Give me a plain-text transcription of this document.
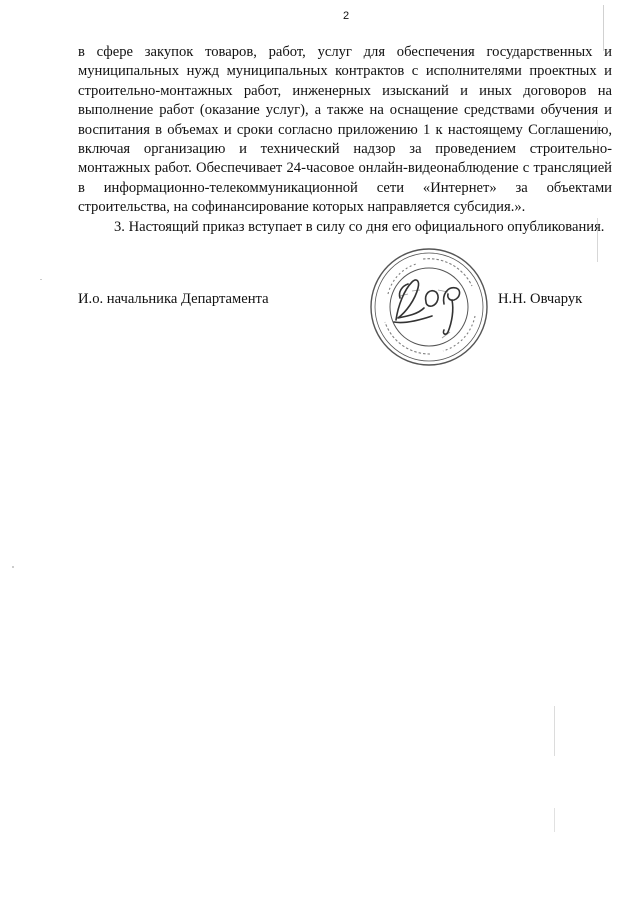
2

в сфере закупок товаров, работ, услуг для обеспечения государственных и муниципальных нужд муниципальных контрактов с исполнителями проектных и строительно-монтажных работ, инженерных изысканий и иных договоров на выполнение работ (оказание услуг), а также на оснащение средствами обучения и воспитания в объемах и сроки согласно приложению 1 к настоящему Соглашению, включая организацию и технический надзор за проведением строительно-монтажных работ. Обеспечивает 24-часовое онлайн-видеонаблюдение с трансляцией в информационно-телекоммуникационной сети «Интернет» за объектами строительства, на софинансирование которых направляется субсидия.».

3. Настоящий приказ вступает в силу со дня его официального опубликования.

И.о. начальника Департамента	Н.Н. Овчарук
